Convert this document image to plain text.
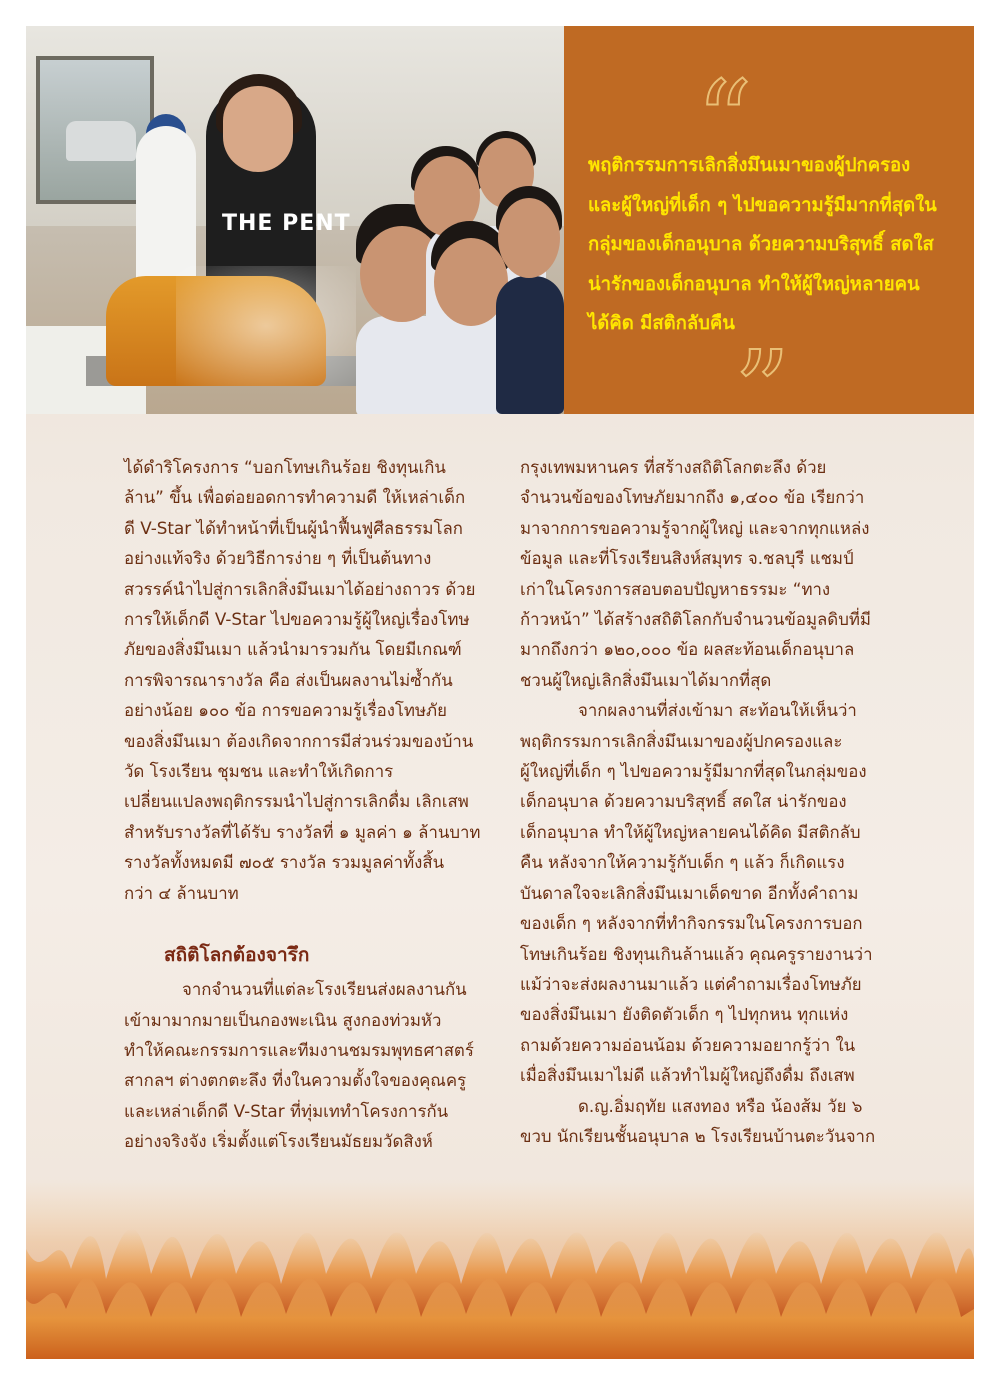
THE PENT
“

พฤติกรรมการเลิกสิ่งมึนเมาของผู้ปกครอง

และผู้ใหญ่ที่เด็ก ๆ ไปขอความรู้มีมากที่สุดใน

กลุ่มของเด็กอนุบาล ด้วยความบริสุทธิ์ สดใส

น่ารักของเด็กอนุบาล ทำให้ผู้ใหญ่หลายคน

ได้คิด มีสติกลับคืน

”

ได้ดำริโครงการ “บอกโทษเกินร้อย ชิงทุนเกิน

ล้าน” ขึ้น เพื่อต่อยอดการทำความดี ให้เหล่าเด็ก

ดี V-Star ได้ทำหน้าที่เป็นผู้นำฟื้นฟูศีลธรรมโลก

อย่างแท้จริง ด้วยวิธีการง่าย ๆ ที่เป็นต้นทาง

สวรรค์นำไปสู่การเลิกสิ่งมึนเมาได้อย่างถาวร ด้วย

การให้เด็กดี V-Star ไปขอความรู้ผู้ใหญ่เรื่องโทษ

ภัยของสิ่งมึนเมา แล้วนำมารวมกัน โดยมีเกณฑ์

การพิจารณารางวัล คือ ส่งเป็นผลงานไม่ซ้ำกัน

อย่างน้อย ๑๐๐ ข้อ การขอความรู้เรื่องโทษภัย

ของสิ่งมึนเมา ต้องเกิดจากการมีส่วนร่วมของบ้าน

วัด โรงเรียน ชุมชน และทำให้เกิดการ

เปลี่ยนแปลงพฤติกรรมนำไปสู่การเลิกดื่ม เลิกเสพ

สำหรับรางวัลที่ได้รับ รางวัลที่ ๑ มูลค่า ๑ ล้านบาท

รางวัลทั้งหมดมี ๗๐๕ รางวัล รวมมูลค่าทั้งสิ้น

กว่า ๔ ล้านบาท

สถิติโลกต้องจารึก

จากจำนวนที่แต่ละโรงเรียนส่งผลงานกัน

เข้ามามากมายเป็นกองพะเนิน สูงกองท่วมหัว

ทำให้คณะกรรมการและทีมงานชมรมพุทธศาสตร์

สากลฯ ต่างตกตะลึง ที่งในความตั้งใจของคุณครู

และเหล่าเด็กดี V-Star ที่ทุ่มเททำโครงการกัน

อย่างจริงจัง เริ่มตั้งแต่โรงเรียนมัธยมวัดสิงห์

กรุงเทพมหานคร ที่สร้างสถิติโลกตะลึง ด้วย

จำนวนข้อของโทษภัยมากถึง ๑,๔๐๐ ข้อ เรียกว่า

มาจากการขอความรู้จากผู้ใหญ่ และจากทุกแหล่ง

ข้อมูล และที่โรงเรียนสิงห์สมุทร จ.ชลบุรี แชมป์

เก่าในโครงการสอบตอบปัญหาธรรมะ “ทาง

ก้าวหน้า” ได้สร้างสถิติโลกกับจำนวนข้อมูลดิบที่มี

มากถึงกว่า ๑๒๐,๐๐๐ ข้อ ผลสะท้อนเด็กอนุบาล

ชวนผู้ใหญ่เลิกสิ่งมึนเมาได้มากที่สุด

จากผลงานที่ส่งเข้ามา สะท้อนให้เห็นว่า

พฤติกรรมการเลิกสิ่งมึนเมาของผู้ปกครองและ

ผู้ใหญ่ที่เด็ก ๆ ไปขอความรู้มีมากที่สุดในกลุ่มของ

เด็กอนุบาล ด้วยความบริสุทธิ์ สดใส น่ารักของ

เด็กอนุบาล ทำให้ผู้ใหญ่หลายคนได้คิด มีสติกลับ

คืน หลังจากให้ความรู้กับเด็ก ๆ แล้ว ก็เกิดแรง

บันดาลใจจะเลิกสิ่งมึนเมาเด็ดขาด อีกทั้งคำถาม

ของเด็ก ๆ หลังจากที่ทำกิจกรรมในโครงการบอก

โทษเกินร้อย ชิงทุนเกินล้านแล้ว คุณครูรายงานว่า

แม้ว่าจะส่งผลงานมาแล้ว แต่คำถามเรื่องโทษภัย

ของสิ่งมึนเมา ยังติดตัวเด็ก ๆ ไปทุกหน ทุกแห่ง

ถามด้วยความอ่อนน้อม ด้วยความอยากรู้ว่า ใน

เมื่อสิ่งมึนเมาไม่ดี แล้วทำไมผู้ใหญ่ถึงดื่ม ถึงเสพ

ด.ญ.อิ่มฤทัย แสงทอง หรือ น้องส้ม วัย ๖

ขวบ นักเรียนชั้นอนุบาล ๒ โรงเรียนบ้านตะวันจาก
